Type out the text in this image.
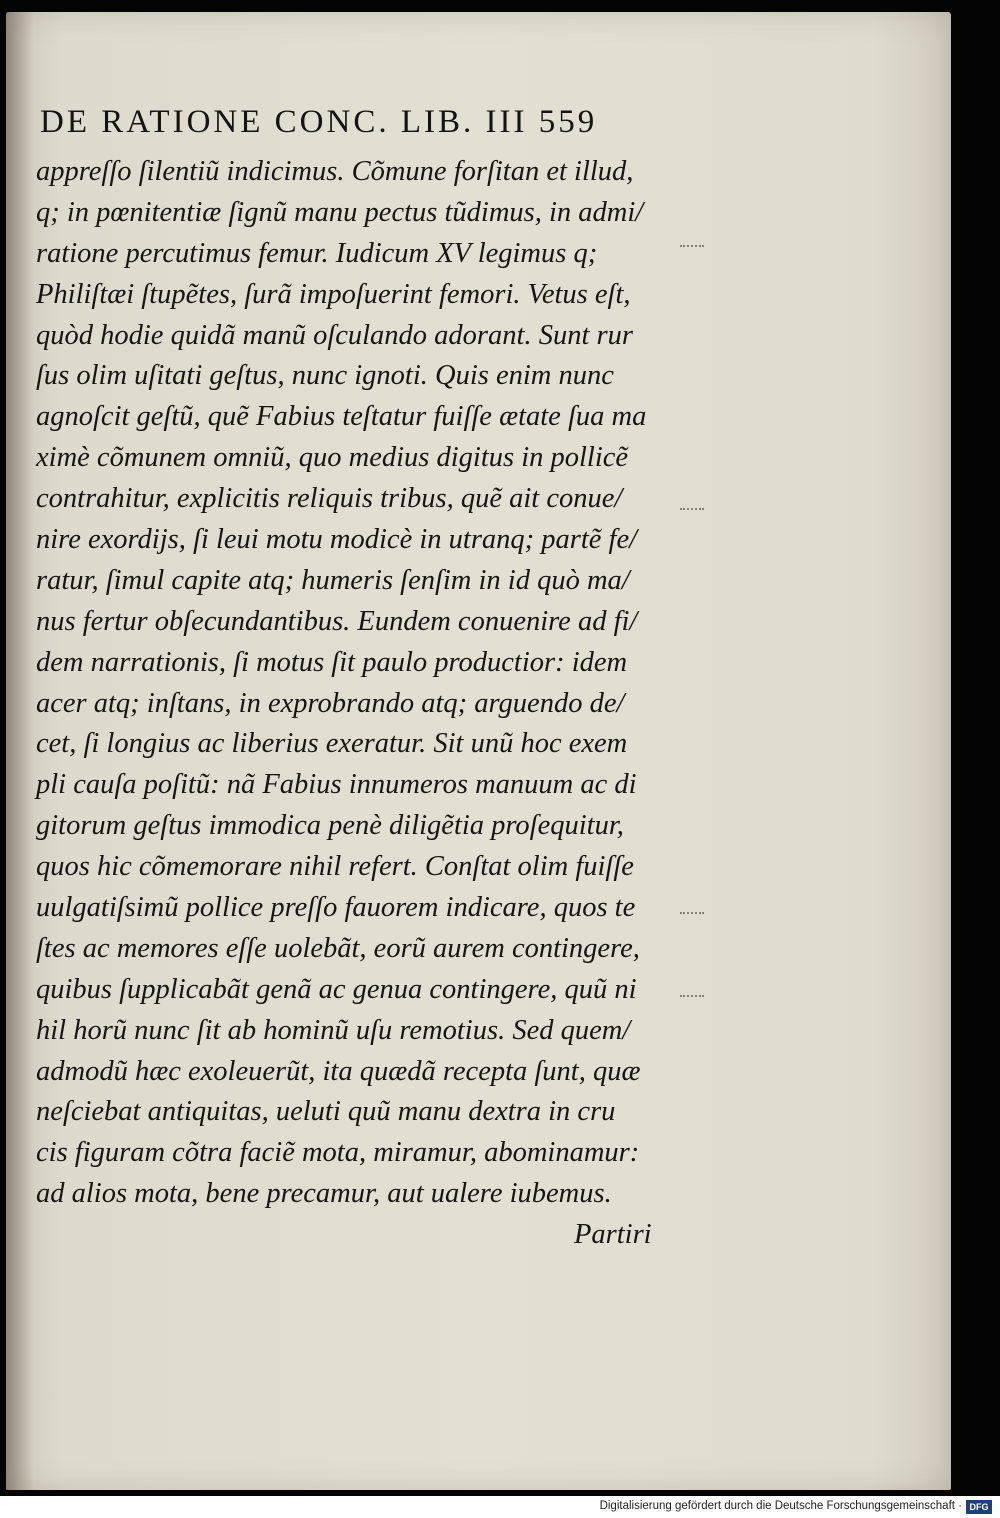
DE RATIONE CONC. LIB. III 559
appreſſo ſilentiũ indicimus. Cõmune forſitan et illud,
q; in pœnitentiæ ſignũ manu pectus tũdimus, in admi/
ratione percutimus femur. Iudicum XV legimus q;
Philiſtæi ſtupẽtes, ſurã impoſuerint femori. Vetus eſt,
quòd hodie quidã manũ oſculando adorant. Sunt rur
ſus olim uſitati geſtus, nunc ignoti. Quis enim nunc
agnoſcit geſtũ, quẽ Fabius teſtatur fuiſſe ætate ſua ma
ximè cõmunem omniũ, quo medius digitus in pollicẽ
contrahitur, explicitis reliquis tribus, quẽ ait conue/
nire exordijs, ſi leui motu modicè in utranq; partẽ fe/
ratur, ſimul capite atq; humeris ſenſim in id quò ma/
nus fertur obſecundantibus. Eundem conuenire ad fi/
dem narrationis, ſi motus ſit paulo productior: idem
acer atq; inſtans, in exprobrando atq; arguendo de/
cet, ſi longius ac liberius exeratur. Sit unũ hoc exem
pli cauſa poſitũ: nã Fabius innumeros manuum ac di
gitorum geſtus immodica penè diligẽtia proſequitur,
quos hic cõmemorare nihil refert. Conſtat olim fuiſſe
uulgatiſsimũ pollice preſſo fauorem indicare, quos te
ſtes ac memores eſſe uolebãt, eorũ aurem contingere,
quibus ſupplicabãt genã ac genua contingere, quũ ni
hil horũ nunc ſit ab hominũ uſu remotius. Sed quem/
admodũ hæc exoleuerũt, ita quædã recepta ſunt, quæ
neſciebat antiquitas, ueluti quũ manu dextra in cru
cis figuram cõtra faciẽ mota, miramur, abominamur:
ad alios mota, bene precamur, aut ualere iubemus.
Partiri
Digitalisierung gefördert durch die Deutsche Forschungsgemeinschaft · DFG
